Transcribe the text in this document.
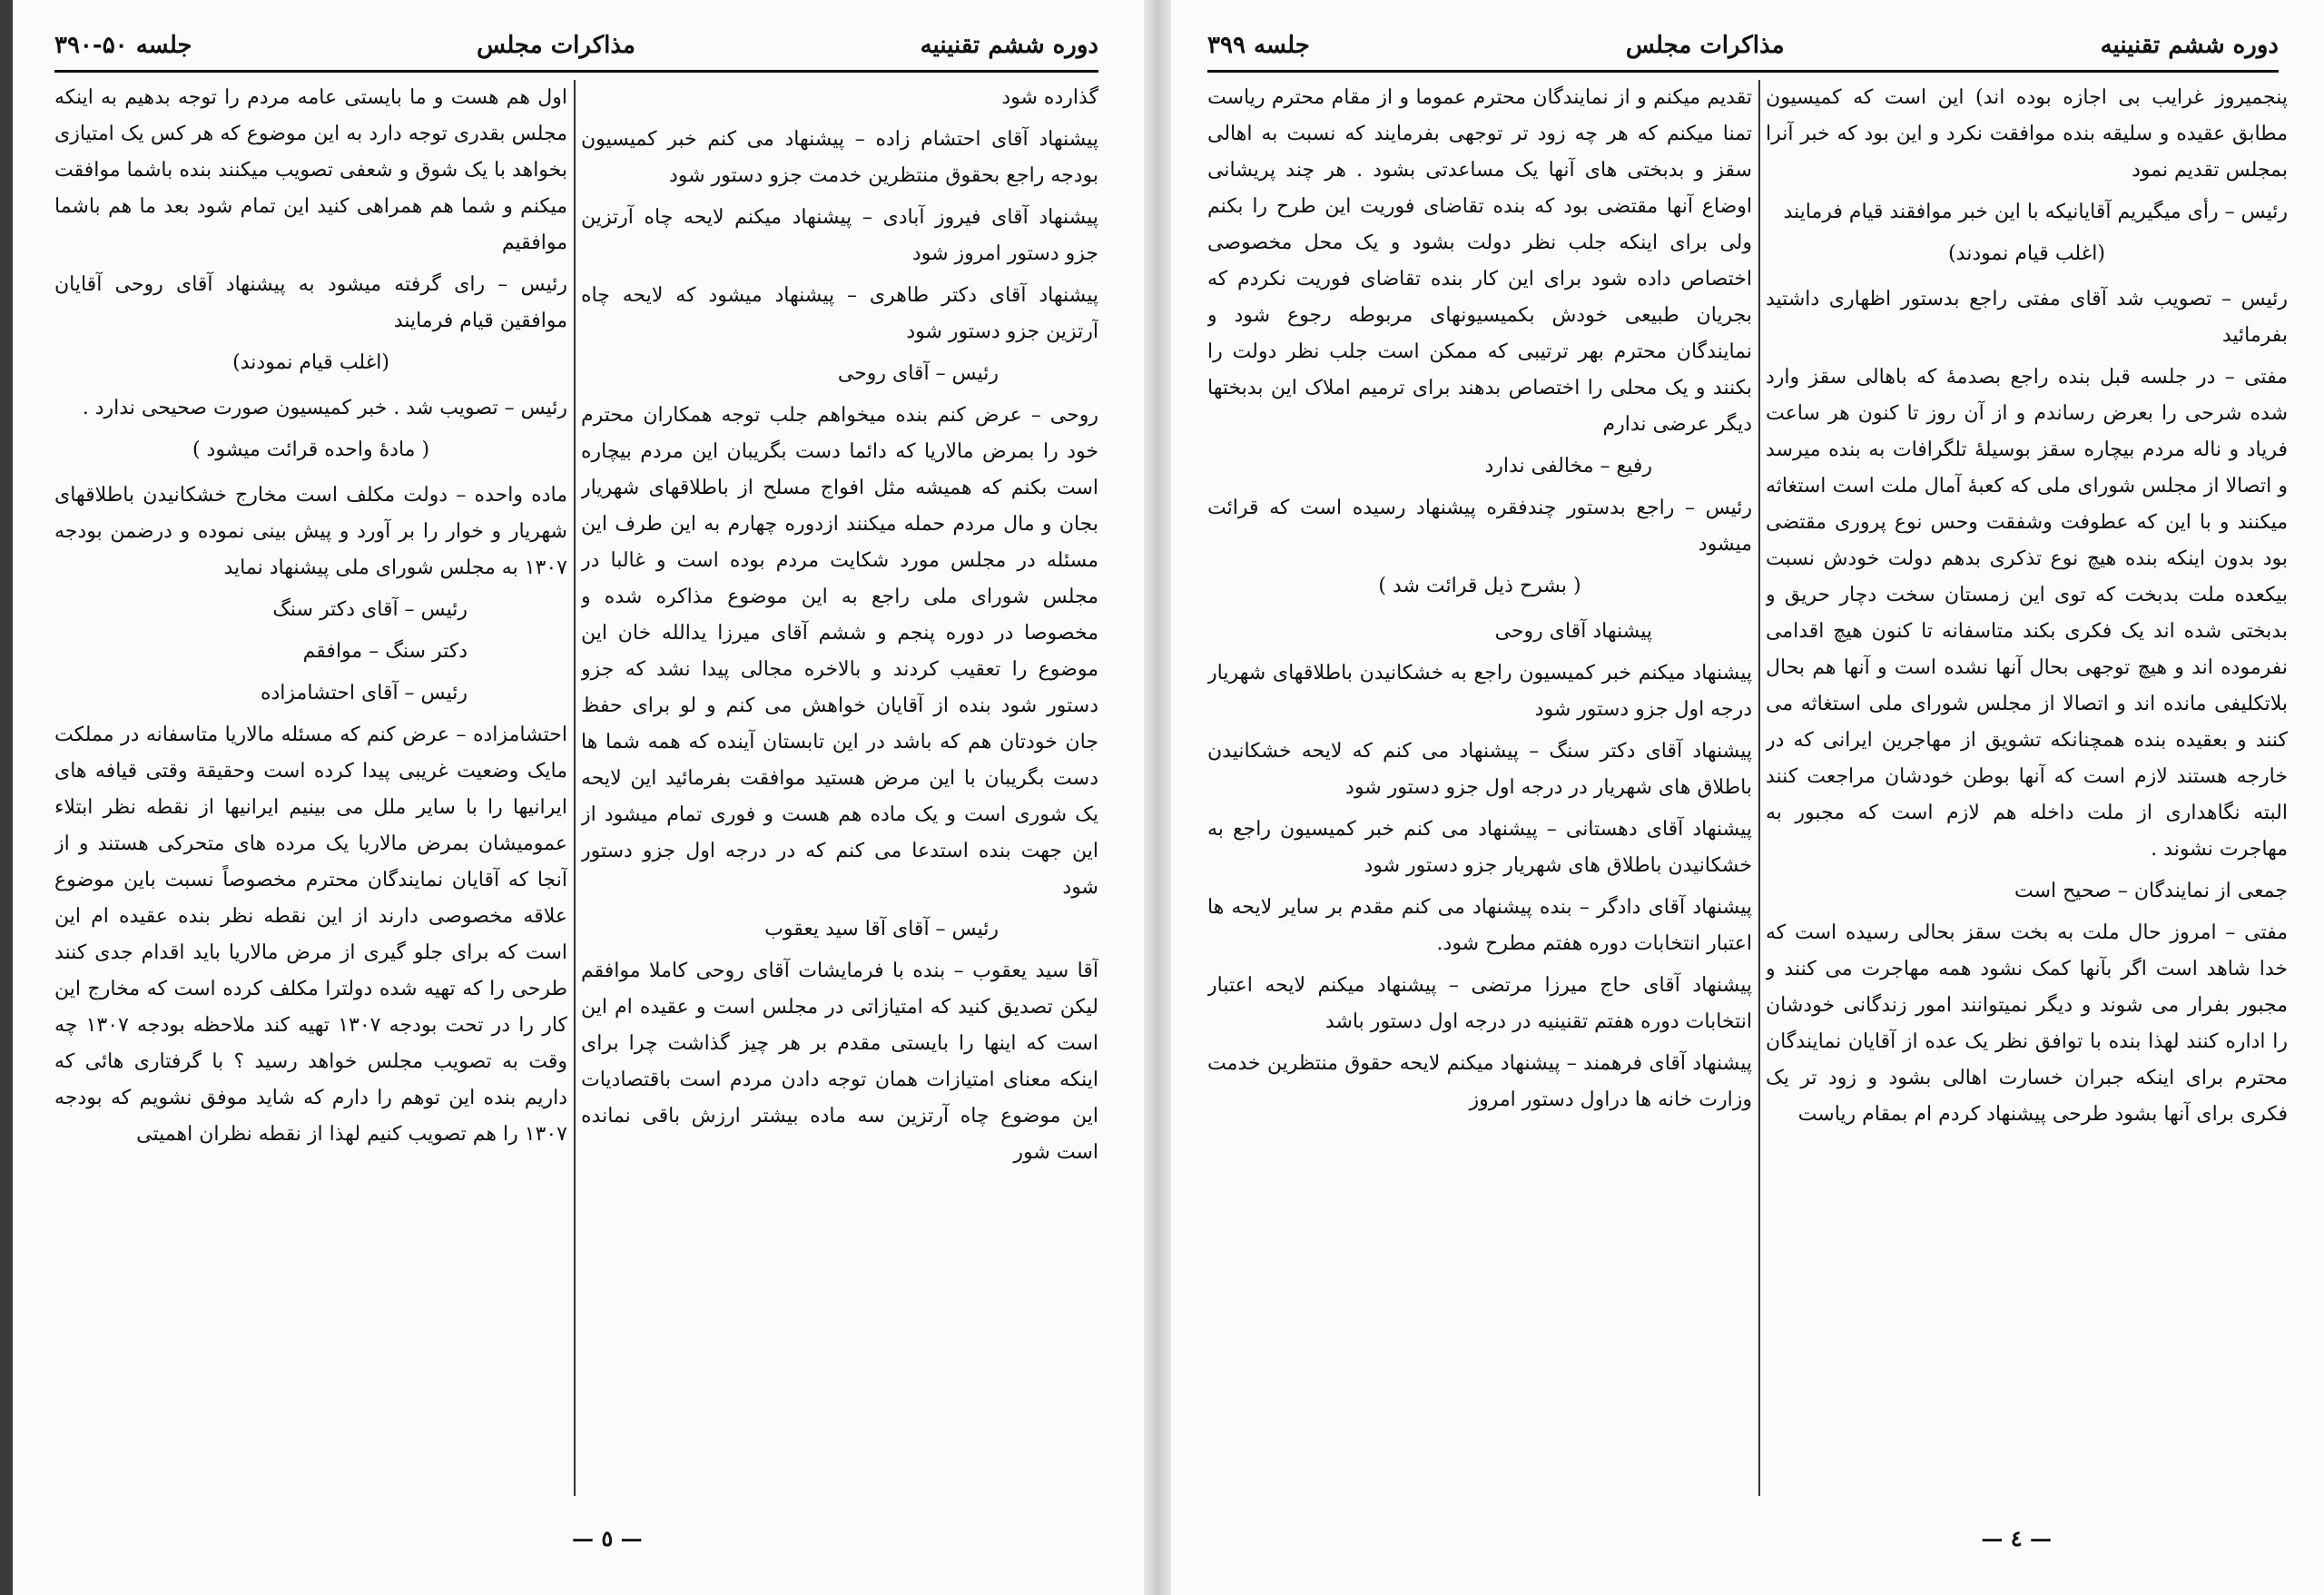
دوره ششم تقنینیه
مذاکرات مجلس
جلسه ۵۰-۳۹۰

گذارده شود

پیشنهاد آقای احتشام زاده – پیشنهاد می کنم خبر کمیسیون بودجه راجع بحقوق منتظرین خدمت جزو دستور شود

پیشنهاد آقای فیروز آبادی – پیشنهاد میکنم لایحه چاه آرتزین جزو دستور امروز شود

پیشنهاد آقای دکتر طاهری – پیشنهاد میشود که لایحه چاه آرتزین جزو دستور شود

رئیس – آقای روحی

روحی – عرض کنم بنده میخواهم جلب توجه همکاران محترم خود را بمرض مالاریا که دائما دست بگریبان این مردم بیچاره است بکنم که همیشه مثل افواج مسلح از باطلاقهای شهریار بجان و مال مردم حمله میکنند ازدوره چهارم به این طرف این مسئله در مجلس مورد شکایت مردم بوده است و غالبا در مجلس شورای ملی راجع به این موضوع مذاکره شده و مخصوصا در دوره پنجم و ششم آقای میرزا یدالله خان این موضوع را تعقیب کردند و بالاخره مجالی پیدا نشد که جزو دستور شود بنده از آقایان خواهش می کنم و لو برای حفظ جان خودتان هم که باشد در این تابستان آینده که همه شما ها دست بگریبان با این مرض هستید موافقت بفرمائید این لایحه یک شوری است و یک ماده هم هست و فوری تمام میشود از این جهت بنده استدعا می کنم که در درجه اول جزو دستور شود

رئیس – آقای آقا سید یعقوب

آقا سید یعقوب – بنده با فرمایشات آقای روحی کاملا موافقم لیکن تصدیق کنید که امتیازاتی در مجلس است و عقیده ام این است که اینها را بایستی مقدم بر هر چیز گذاشت چرا برای اینکه معنای امتیازات همان توجه دادن مردم است باقتصادیات این موضوع چاه آرتزین سه ماده بیشتر ارزش باقی نمانده است شور

اول هم هست و ما بایستی عامه مردم را توجه بدهیم به اینکه مجلس بقدری توجه دارد به این موضوع که هر کس یک امتیازی بخواهد با یک شوق و شعفی تصویب میکنند بنده باشما موافقت میکنم و شما هم همراهی کنید این تمام شود بعد ما هم باشما موافقیم

رئیس – رای گرفته میشود به پیشنهاد آقای روحی آقایان موافقین قیام فرمایند

(اغلب قیام نمودند)

رئیس – تصویب شد . خبر کمیسیون صورت صحیحی ندارد .

( مادهٔ واحده قرائت میشود )

ماده واحده – دولت مکلف است مخارج خشکانیدن باطلاقهای شهریار و خوار را بر آورد و پیش بینی نموده و درضمن بودجه ۱۳۰۷ به مجلس شورای ملی پیشنهاد نماید

رئیس – آقای دکتر سنگ

دکتر سنگ – موافقم

رئیس – آقای احتشامزاده

احتشامزاده – عرض کنم که مسئله مالاریا متاسفانه در مملکت مایک وضعیت غریبی پیدا کرده است وحقیقة وقتی قیافه های ایرانیها را با سایر ملل می بینیم ایرانیها از نقطه نظر ابتلاء عمومیشان بمرض مالاریا یک مرده های متحرکی هستند و از آنجا که آقایان نمایندگان محترم مخصوصاً نسبت باین موضوع علاقه مخصوصی دارند از این نقطه نظر بنده عقیده ام این است که برای جلو گیری از مرض مالاریا باید اقدام جدی کنند طرحی را که تهیه شده دولترا مکلف کرده است که مخارج این کار را در تحت بودجه ۱۳۰۷ تهیه کند ملاحظه بودجه ۱۳۰۷ چه وقت به تصویب مجلس خواهد رسید ؟ با گرفتاری هائی که داریم بنده این توهم را دارم که شاید موفق نشویم که بودجه ۱۳۰۷ را هم تصویب کنیم لهذا از نقطه نظران اهمیتی

— ٥ —
دوره ششم تقنینیه
مذاکرات مجلس
جلسه ۳۹۹

پنجمیروز غرایب بی اجازه بوده اند) این است که کمیسیون مطابق عقیده و سلیقه بنده موافقت نکرد و این بود که خبر آنرا بمجلس تقدیم نمود

رئیس – رأی میگیریم آقایانیکه با این خبر موافقند قیام فرمایند

(اغلب قیام نمودند)

رئیس – تصویب شد آقای مفتی راجع بدستور اظهاری داشتید بفرمائید

مفتی – در جلسه قبل بنده راجع بصدمهٔ که باهالی سقز وارد شده شرحی را بعرض رساندم و از آن روز تا کنون هر ساعت فریاد و ناله مردم بیچاره سقز بوسیلهٔ تلگرافات به بنده میرسد و اتصالا از مجلس شورای ملی که کعبهٔ آمال ملت است استغاثه میکنند و با این که عطوفت وشفقت وحس نوع پروری مقتضی بود بدون اینکه بنده هیچ نوع تذکری بدهم دولت خودش نسبت بیکعده ملت بدبخت که توی این زمستان سخت دچار حریق و بدبختی شده اند یک فکری بکند متاسفانه تا کنون هیچ اقدامی نفرموده اند و هیچ توجهی بحال آنها نشده است و آنها هم بحال بلاتکلیفی مانده اند و اتصالا از مجلس شورای ملی استغاثه می کنند و بعقیده بنده همچنانکه تشویق از مهاجرین ایرانی که در خارجه هستند لازم است که آنها بوطن خودشان مراجعت کنند البته نگاهداری از ملت داخله هم لازم است که مجبور به مهاجرت نشوند .

جمعی از نمایندگان – صحیح است

مفتی – امروز حال ملت به بخت سقز بحالی رسیده است که خدا شاهد است اگر بآنها کمک نشود همه مهاجرت می کنند و مجبور بفرار می شوند و دیگر نمیتوانند امور زندگانی خودشان را اداره کنند لهذا بنده با توافق نظر یک عده از آقایان نمایندگان محترم برای اینکه جبران خسارت اهالی بشود و زود تر یک فکری برای آنها بشود طرحی پیشنهاد کردم ام بمقام ریاست

تقدیم میکنم و از نمایندگان محترم عموما و از مقام محترم ریاست تمنا میکنم که هر چه زود تر توجهی بفرمایند که نسبت به اهالی سقز و بدبختی های آنها یک مساعدتی بشود . هر چند پریشانی اوضاع آنها مقتضی بود که بنده تقاضای فوریت این طرح را بکنم ولی برای اینکه جلب نظر دولت بشود و یک محل مخصوصی اختصاص داده شود برای این کار بنده تقاضای فوریت نکردم که بجریان طبیعی خودش بکمیسیونهای مربوطه رجوع شود و نمایندگان محترم بهر ترتیبی که ممکن است جلب نظر دولت را بکنند و یک محلی را اختصاص بدهند برای ترمیم املاک این بدبختها دیگر عرضی ندارم

رفیع – مخالفی ندارد

رئیس – راجع بدستور چندفقره پیشنهاد رسیده است که قرائت میشود

( بشرح ذیل قرائت شد )

پیشنهاد آقای روحی

پیشنهاد میکنم خبر کمیسیون راجع به خشکانیدن باطلاقهای شهریار درجه اول جزو دستور شود

پیشنهاد آقای دکتر سنگ – پیشنهاد می کنم که لایحه خشکانیدن باطلاق های شهریار در درجه اول جزو دستور شود

پیشنهاد آقای دهستانی – پیشنهاد می کنم خبر کمیسیون راجع به خشکانیدن باطلاق های شهریار جزو دستور شود

پیشنهاد آقای دادگر – بنده پیشنهاد می کنم مقدم بر سایر لایحه ها اعتبار انتخابات دوره هفتم مطرح شود.

پیشنهاد آقای حاج میرزا مرتضی – پیشنهاد میکنم لایحه اعتبار انتخابات دوره هفتم تقنینیه در درجه اول دستور باشد

پیشنهاد آقای فرهمند – پیشنهاد میکنم لایحه حقوق منتظرین خدمت وزارت خانه ها دراول دستور امروز

— ٤ —
